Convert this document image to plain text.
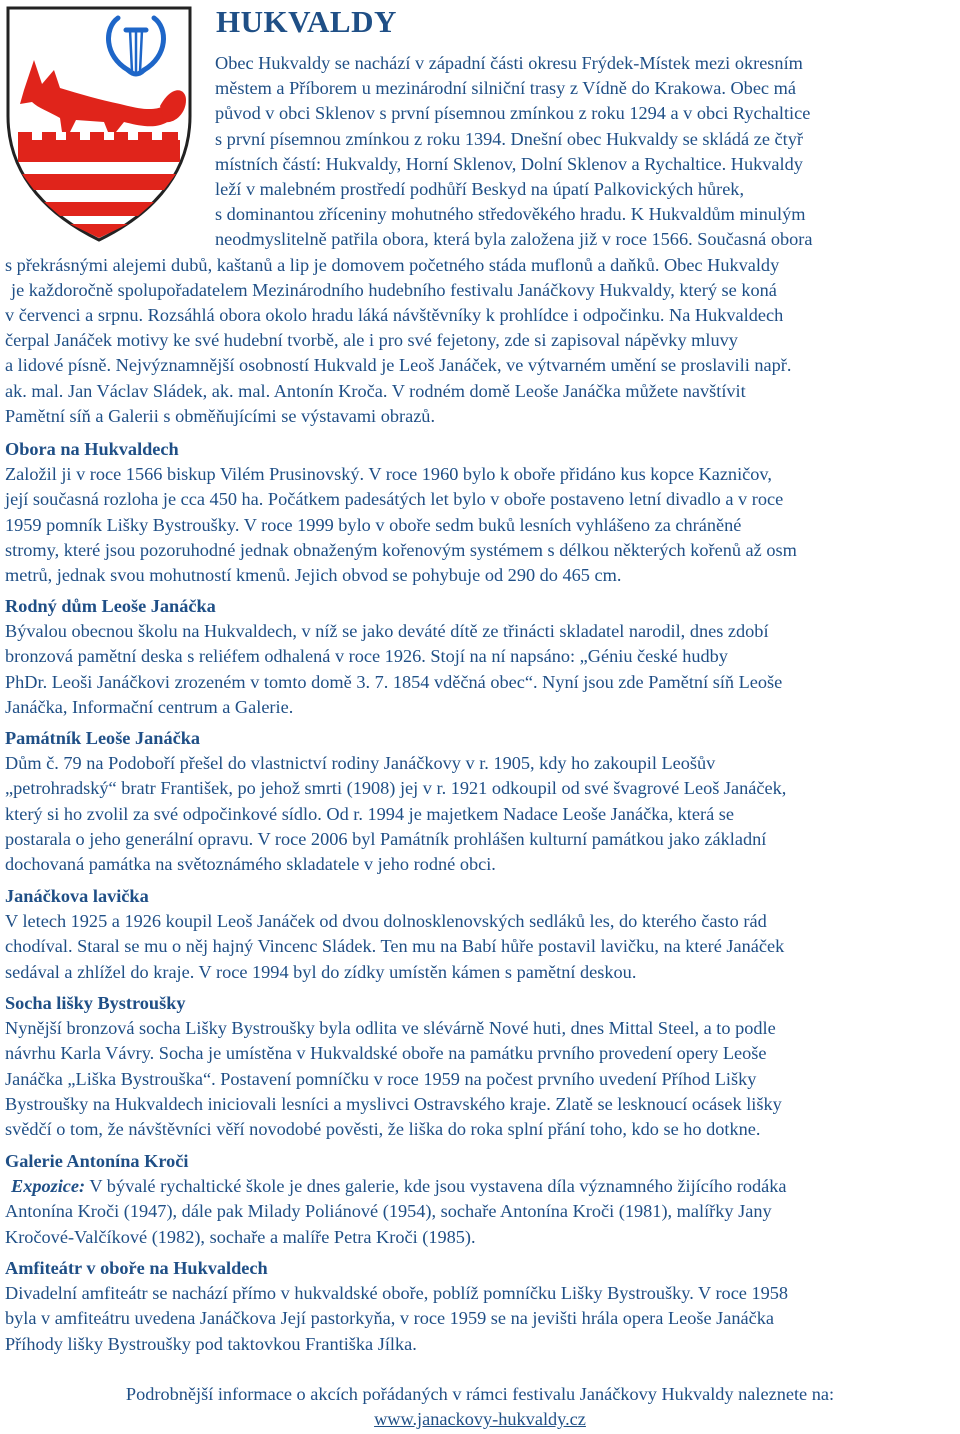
HUKVALDY
Obec Hukvaldy se nachází v západní části okresu Frýdek-Místek mezi okresním
městem a Příborem u mezinárodní silniční trasy z Vídně do Krakowa. Obec má
původ v obci Sklenov s první písemnou zmínkou z roku 1294 a v obci Rychaltice
s první písemnou zmínkou z roku 1394. Dnešní obec Hukvaldy se skládá ze čtyř
místních částí: Hukvaldy, Horní Sklenov, Dolní Sklenov a Rychaltice. Hukvaldy
leží v malebném prostředí podhůří Beskyd na úpatí Palkovických hůrek,
s dominantou zříceniny mohutného středověkého hradu. K Hukvaldům minulým
neodmyslitelně patřila obora, která byla založena již v roce 1566. Současná obora
s překrásnými alejemi dubů, kaštanů a lip je domovem početného stáda muflonů a daňků. Obec Hukvaldy
je každoročně spolupořadatelem Mezinárodního hudebního festivalu Janáčkovy Hukvaldy, který se koná
v červenci a srpnu. Rozsáhlá obora okolo hradu láká návštěvníky k prohlídce i odpočinku. Na Hukvaldech
čerpal Janáček motivy ke své hudební tvorbě, ale i pro své fejetony, zde si zapisoval nápěvky mluvy
a lidové písně. Nejvýznamnější osobností Hukvald je Leoš Janáček, ve výtvarném umění se proslavili např.
ak. mal. Jan Václav Sládek, ak. mal. Antonín Kroča. V rodném domě Leoše Janáčka můžete navštívit
Pamětní síň a Galerii s obměňujícími se výstavami obrazů.
Obora na Hukvaldech

Založil ji v roce 1566 biskup Vilém Prusinovský. V roce 1960 bylo k oboře přidáno kus kopce Kazničov,
její současná rozloha je cca 450 ha. Počátkem padesátých let bylo v oboře postaveno letní divadlo a v roce
1959 pomník Lišky Bystroušky. V roce 1999 bylo v oboře sedm buků lesních vyhlášeno za chráněné
stromy, které jsou pozoruhodné jednak obnaženým kořenovým systémem s délkou některých kořenů až osm
metrů, jednak svou mohutností kmenů. Jejich obvod se pohybuje od 290 do 465 cm.

Rodný dům Leoše Janáčka

Bývalou obecnou školu na Hukvaldech, v níž se jako deváté dítě ze třinácti skladatel narodil, dnes zdobí
bronzová pamětní deska s reliéfem odhalená v roce 1926. Stojí na ní napsáno: „Géniu české hudby
PhDr. Leoši Janáčkovi zrozeném v tomto domě 3. 7. 1854 vděčná obec“. Nyní jsou zde Pamětní síň Leoše
Janáčka, Informační centrum a Galerie.

Památník Leoše Janáčka

Dům č. 79 na Podoboří přešel do vlastnictví rodiny Janáčkovy v r. 1905, kdy ho zakoupil Leošův
„petrohradský“ bratr František, po jehož smrti (1908) jej v r. 1921 odkoupil od své švagrové Leoš Janáček,
který si ho zvolil za své odpočinkové sídlo. Od r. 1994 je majetkem Nadace Leoše Janáčka, která se
postarala o jeho generální opravu. V roce 2006 byl Památník prohlášen kulturní památkou jako základní
dochovaná památka na světoznámého skladatele v jeho rodné obci.

Janáčkova lavička

V letech 1925 a 1926 koupil Leoš Janáček od dvou dolnosklenovských sedláků les, do kterého často rád
chodíval. Staral se mu o něj hajný Vincenc Sládek. Ten mu na Babí hůře postavil lavičku, na které Janáček
sedával a zhlížel do kraje. V roce 1994 byl do zídky umístěn kámen s pamětní deskou.

Socha lišky Bystroušky

Nynější bronzová socha Lišky Bystroušky byla odlita ve slévárně Nové huti, dnes Mittal Steel, a to podle
návrhu Karla Vávry. Socha je umístěna v Hukvaldské oboře na památku prvního provedení opery Leoše
Janáčka „Liška Bystrouška“. Postavení pomníčku v roce 1959 na počest prvního uvedení Příhod Lišky
Bystroušky na Hukvaldech iniciovali lesníci a myslivci Ostravského kraje. Zlatě se lesknoucí ocásek lišky
svědčí o tom, že návštěvníci věří novodobé pověsti, že liška do roka splní přání toho, kdo se ho dotkne.

Galerie Antonína Kroči

Expozice: V bývalé rychaltické škole je dnes galerie, kde jsou vystavena díla významného žijícího rodáka
Antonína Kroči (1947), dále pak Milady Poliánové (1954), sochaře Antonína Kroči (1981), malířky Jany
Kročové-Valčíkové (1982), sochaře a malíře Petra Kroči (1985).

Amfiteátr v oboře na Hukvaldech

Divadelní amfiteátr se nachází přímo v hukvaldské oboře, poblíž pomníčku Lišky Bystroušky. V roce 1958
byla v amfiteátru uvedena Janáčkova Její pastorkyňa, v roce 1959 se na jevišti hrála opera Leoše Janáčka
Příhody lišky Bystroušky pod taktovkou Františka Jílka.

Podrobnější informace o akcích pořádaných v rámci festivalu Janáčkovy Hukvaldy naleznete na:
www.janackovy-hukvaldy.cz
